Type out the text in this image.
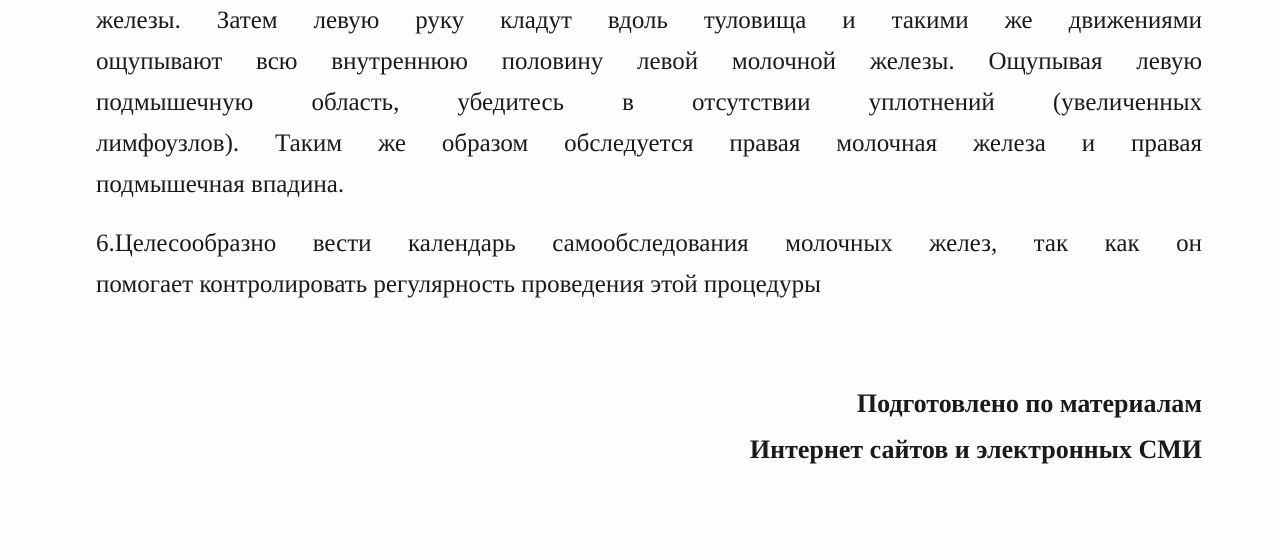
железы. Затем левую руку кладут вдоль туловища и такими же движениями
ощупывают всю внутреннюю половину левой молочной железы. Ощупывая левую
подмышечную область, убедитесь в отсутствии уплотнений (увеличенных
лимфоузлов). Таким же образом обследуется правая молочная железа и правая
подмышечная впадина.
6.Целесообразно вести календарь самообследования молочных желез, так как он
помогает контролировать регулярность проведения этой процедуры
Подготовлено по материалам
Интернет сайтов и электронных СМИ
